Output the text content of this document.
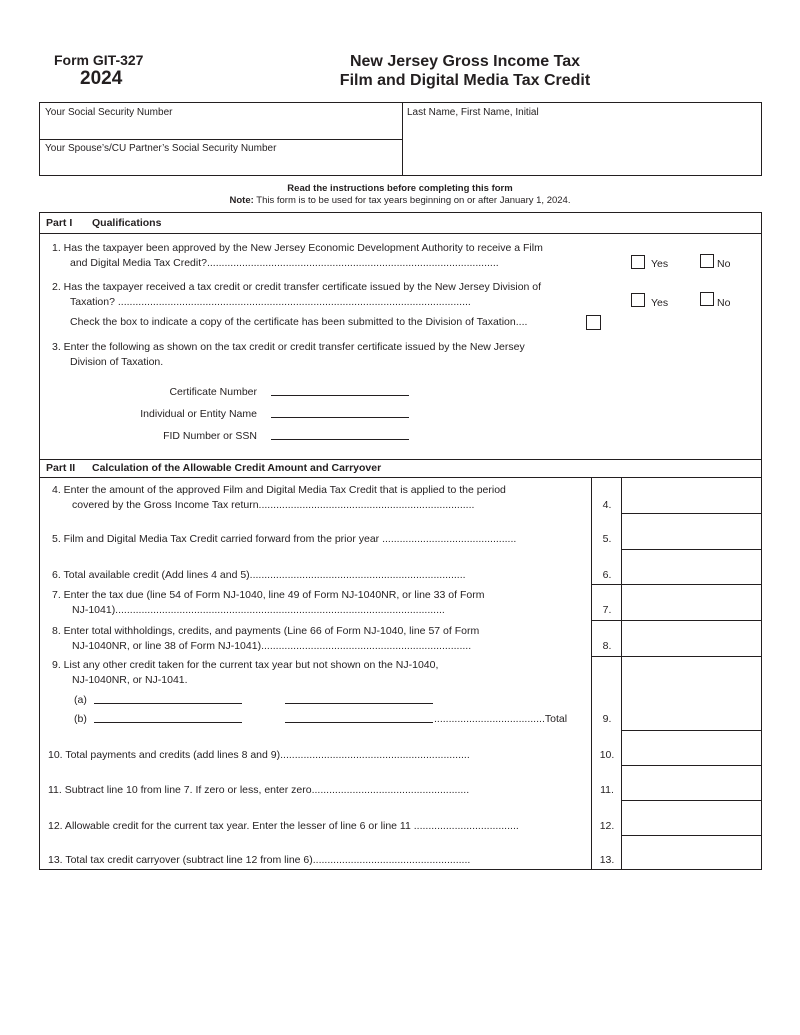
Form GIT-327
2024
New Jersey Gross Income Tax
Film and Digital Media Tax Credit
Your Social Security Number
Your Spouse’s/CU Partner’s Social Security Number
Last Name, First Name, Initial
Read the instructions before completing this form
Note: This form is to be used for tax years beginning on or after January 1, 2024.
Part I Qualifications
1. Has the taxpayer been approved by the New Jersey Economic Development Authority to receive a Film
and Digital Media Tax Credit?....................................................................................................	Yes	No
2. Has the taxpayer received a tax credit or credit transfer certificate issued by the New Jersey Division of
Taxation? .........................................................................................................................	Yes	No
Check the box to indicate a copy of the certificate has been submitted to the Division of Taxation....
3. Enter the following as shown on the tax credit or credit transfer certificate issued by the New Jersey
Division of Taxation.
Certificate Number
Individual or Entity Name
FID Number or SSN
Part II Calculation of the Allowable Credit Amount and Carryover
4. Enter the amount of the approved Film and Digital Media Tax Credit that is applied to the period
covered by the Gross Income Tax return..........................................................................	4.
5. Film and Digital Media Tax Credit carried forward from the prior year ..............................................	5.
6. Total available credit (Add lines 4 and 5)..........................................................................	6.
7. Enter the tax due (line 54 of Form NJ-1040, line 49 of Form NJ-1040NR, or line 33 of Form
NJ-1041).................................................................................................................	7.
8. Enter total withholdings, credits, and payments (Line 66 of Form NJ-1040, line 57 of Form
NJ-1040NR, or line 38 of Form NJ-1041)........................................................................	8.
9. List any other credit taken for the current tax year but not shown on the NJ-1040,
NJ-1040NR, or NJ-1041.
(a)
(b)	......................................Total	9.
10. Total payments and credits (add lines 8 and 9).................................................................	10.
11. Subtract line 10 from line 7. If zero or less, enter zero......................................................	11.
12. Allowable credit for the current tax year. Enter the lesser of line 6 or line 11 ....................................	12.
13. Total tax credit carryover (subtract line 12 from line 6)......................................................	13.
